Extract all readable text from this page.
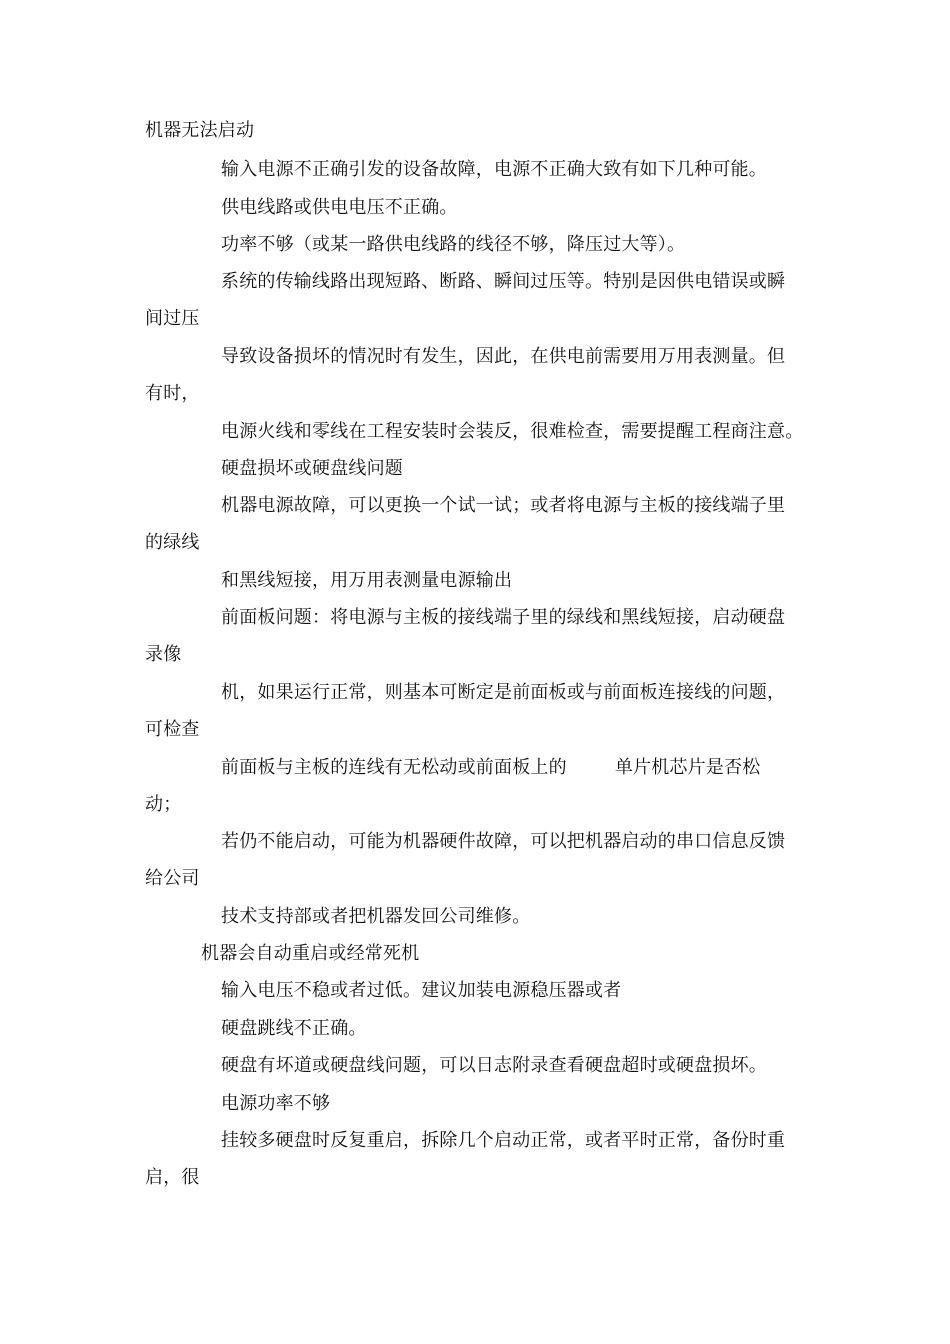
机器无法启动
输入电源不正确引发的设备故障，电源不正确大致有如下几种可能。
供电线路或供电电压不正确。
功率不够（或某一路供电线路的线径不够，降压过大等）。
系统的传输线路出现短路、断路、瞬间过压等。特别是因供电错误或瞬
间过压
导致设备损坏的情况时有发生，因此，在供电前需要用万用表测量。但
有时，
电源火线和零线在工程安装时会装反，很难检查，需要提醒工程商注意。
硬盘损坏或硬盘线问题
机器电源故障，可以更换一个试一试；或者将电源与主板的接线端子里
的绿线
和黑线短接，用万用表测量电源输出
前面板问题：将电源与主板的接线端子里的绿线和黑线短接，启动硬盘
录像
机，如果运行正常，则基本可断定是前面板或与前面板连接线的问题，
可检查
前面板与主板的连线有无松动或前面板上的	单片机芯片是否松
动；
若仍不能启动，可能为机器硬件故障，可以把机器启动的串口信息反馈
给公司
技术支持部或者把机器发回公司维修。
机器会自动重启或经常死机
输入电压不稳或者过低。建议加装电源稳压器或者
硬盘跳线不正确。
硬盘有坏道或硬盘线问题，可以日志附录查看硬盘超时或硬盘损坏。
电源功率不够
挂较多硬盘时反复重启，拆除几个启动正常，或者平时正常，备份时重
启，很
